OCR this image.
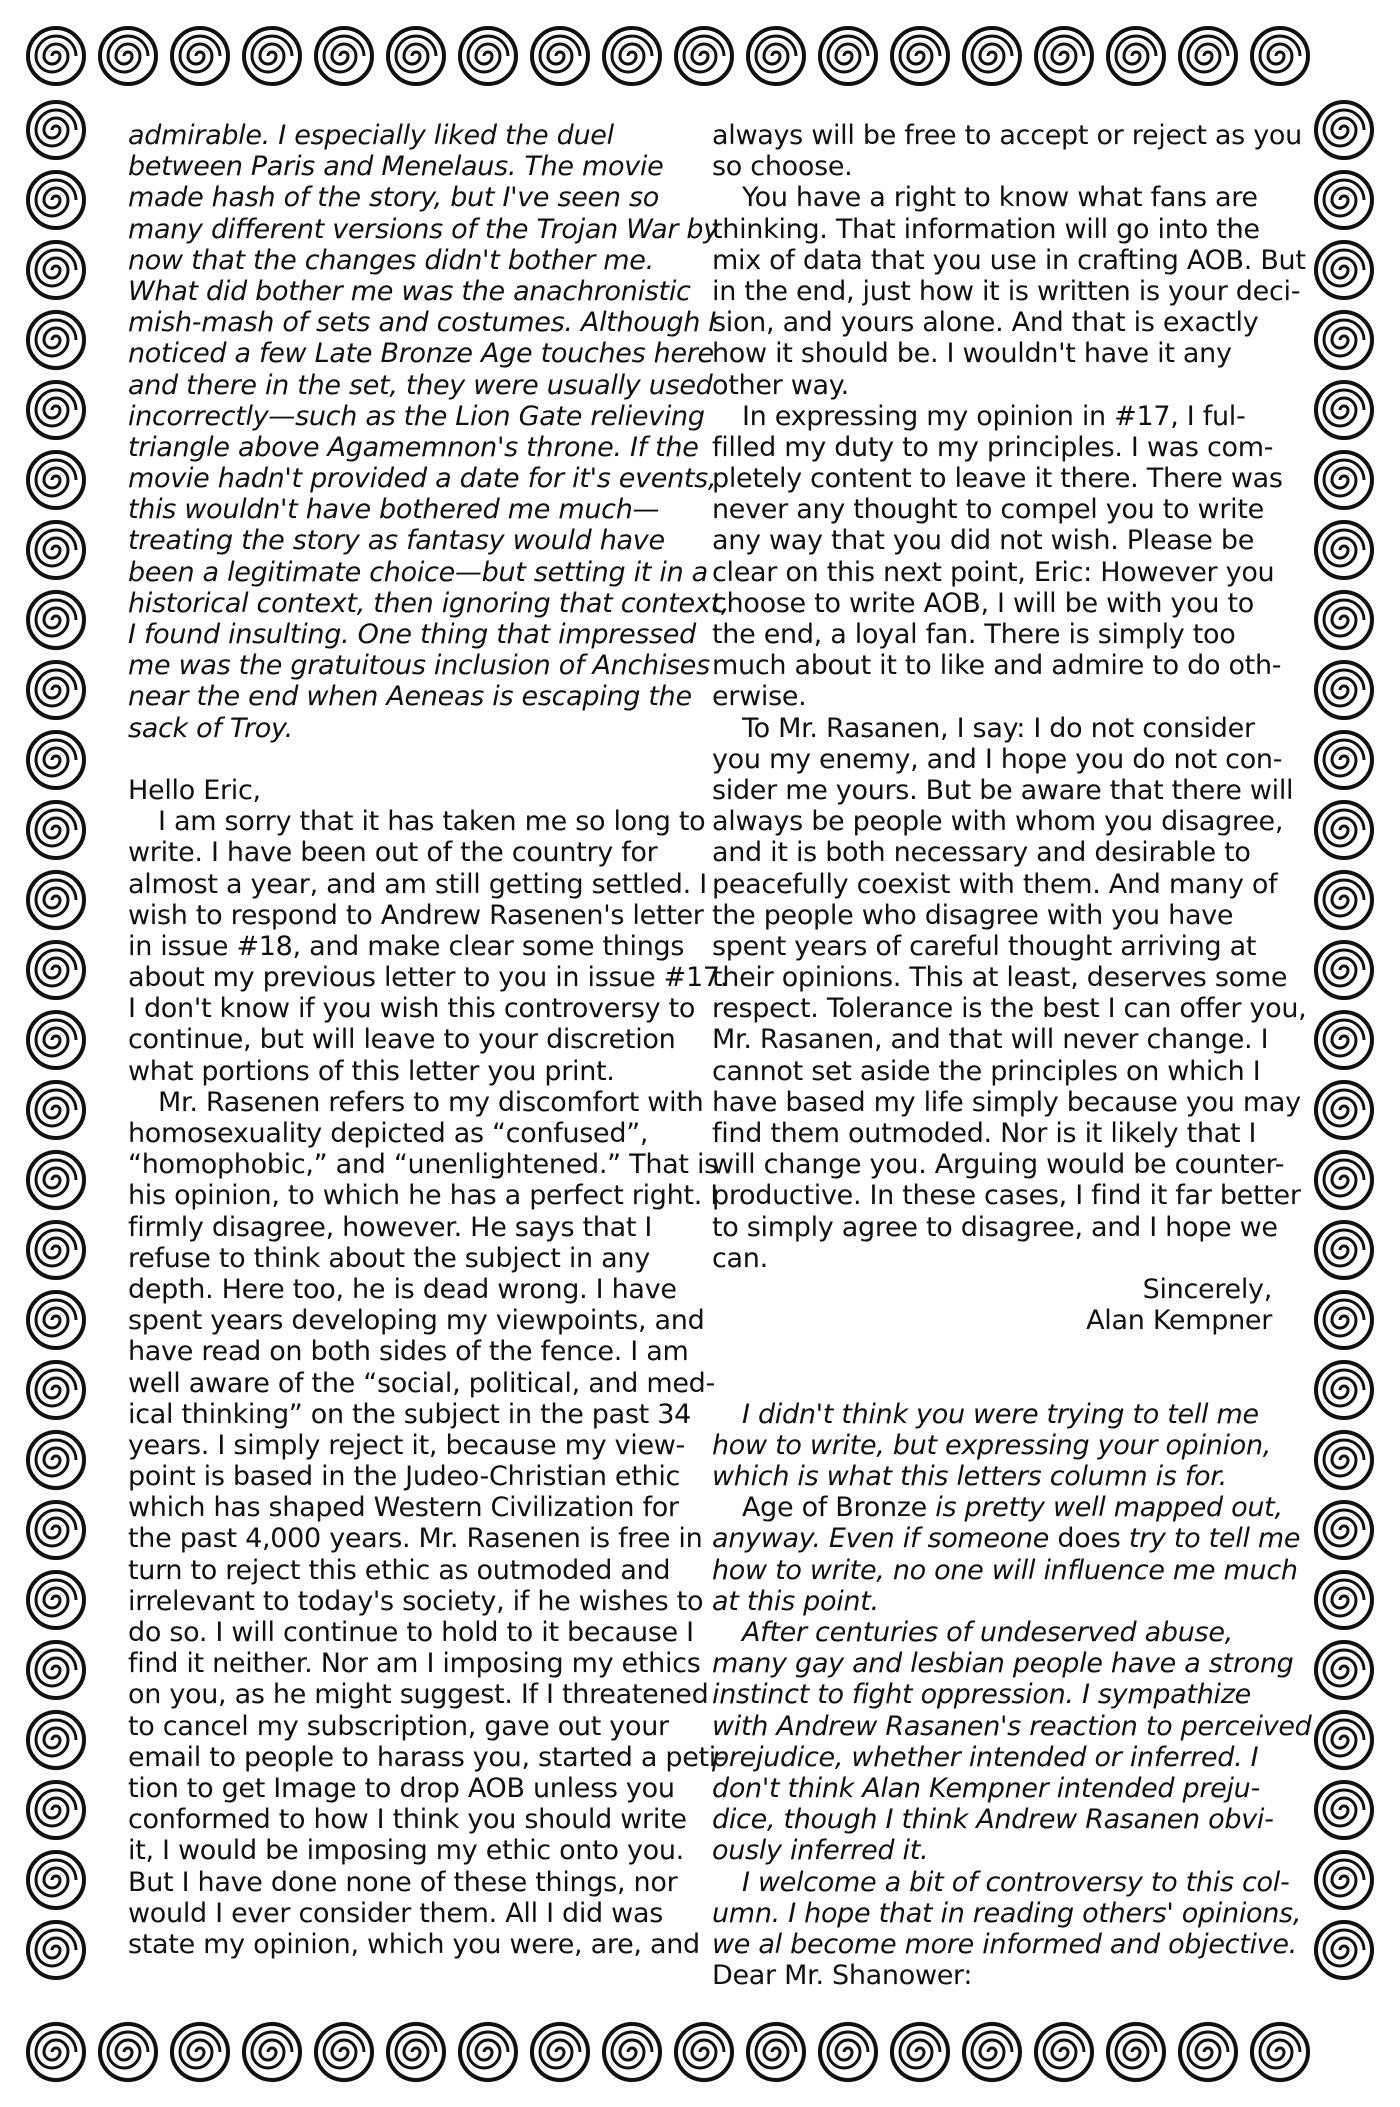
admirable. I especially liked the duel
between Paris and Menelaus. The movie
made hash of the story, but I've seen so
many different versions of the Trojan War by
now that the changes didn't bother me.
What did bother me was the anachronistic
mish-mash of sets and costumes. Although I
noticed a few Late Bronze Age touches here
and there in the set, they were usually used
incorrectly—such as the Lion Gate relieving
triangle above Agamemnon's throne. If the
movie hadn't provided a date for it's events,
this wouldn't have bothered me much—
treating the story as fantasy would have
been a legitimate choice—but setting it in a
historical context, then ignoring that context,
I found insulting. One thing that impressed
me was the gratuitous inclusion of Anchises
near the end when Aeneas is escaping the
sack of Troy.
Hello Eric,
I am sorry that it has taken me so long to
write. I have been out of the country for
almost a year, and am still getting settled. I
wish to respond to Andrew Rasenen's letter
in issue #18, and make clear some things
about my previous letter to you in issue #17.
I don't know if you wish this controversy to
continue, but will leave to your discretion
what portions of this letter you print.
Mr. Rasenen refers to my discomfort with
homosexuality depicted as “confused”,
“homophobic,” and “unenlightened.” That is
his opinion, to which he has a perfect right. I
firmly disagree, however. He says that I
refuse to think about the subject in any
depth. Here too, he is dead wrong. I have
spent years developing my viewpoints, and
have read on both sides of the fence. I am
well aware of the “social, political, and med-
ical thinking” on the subject in the past 34
years. I simply reject it, because my view-
point is based in the Judeo-Christian ethic
which has shaped Western Civilization for
the past 4,000 years. Mr. Rasenen is free in
turn to reject this ethic as outmoded and
irrelevant to today's society, if he wishes to
do so. I will continue to hold to it because I
find it neither. Nor am I imposing my ethics
on you, as he might suggest. If I threatened
to cancel my subscription, gave out your
email to people to harass you, started a peti-
tion to get Image to drop AOB unless you
conformed to how I think you should write
it, I would be imposing my ethic onto you.
But I have done none of these things, nor
would I ever consider them. All I did was
state my opinion, which you were, are, and
always will be free to accept or reject as you
so choose.
You have a right to know what fans are
thinking. That information will go into the
mix of data that you use in crafting AOB. But
in the end, just how it is written is your deci-
sion, and yours alone. And that is exactly
how it should be. I wouldn't have it any
other way.
In expressing my opinion in #17, I ful-
filled my duty to my principles. I was com-
pletely content to leave it there. There was
never any thought to compel you to write
any way that you did not wish. Please be
clear on this next point, Eric: However you
choose to write AOB, I will be with you to
the end, a loyal fan. There is simply too
much about it to like and admire to do oth-
erwise.
To Mr. Rasanen, I say: I do not consider
you my enemy, and I hope you do not con-
sider me yours. But be aware that there will
always be people with whom you disagree,
and it is both necessary and desirable to
peacefully coexist with them. And many of
the people who disagree with you have
spent years of careful thought arriving at
their opinions. This at least, deserves some
respect. Tolerance is the best I can offer you,
Mr. Rasanen, and that will never change. I
cannot set aside the principles on which I
have based my life simply because you may
find them outmoded. Nor is it likely that I
will change you. Arguing would be counter-
productive. In these cases, I find it far better
to simply agree to disagree, and I hope we
can.
Sincerely,
Alan Kempner
I didn't think you were trying to tell me
how to write, but expressing your opinion,
which is what this letters column is for.
Age of Bronze is pretty well mapped out,
anyway. Even if someone does try to tell me
how to write, no one will influence me much
at this point.
After centuries of undeserved abuse,
many gay and lesbian people have a strong
instinct to fight oppression. I sympathize
with Andrew Rasanen's reaction to perceived
prejudice, whether intended or inferred. I
don't think Alan Kempner intended preju-
dice, though I think Andrew Rasanen obvi-
ously inferred it.
I welcome a bit of controversy to this col-
umn. I hope that in reading others' opinions,
we al become more informed and objective.
Dear Mr. Shanower:
